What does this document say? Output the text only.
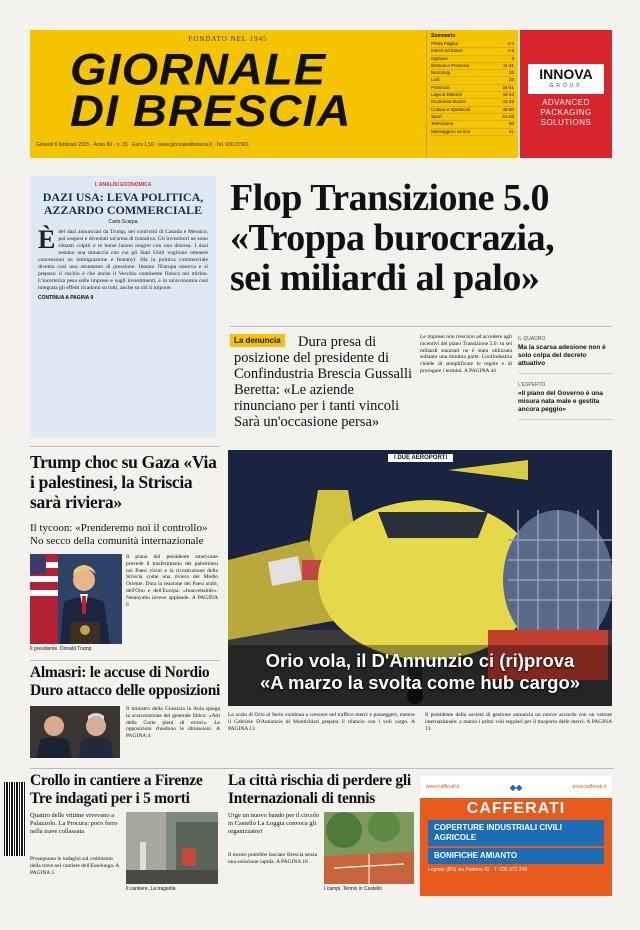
FONDATO NEL 1945
GIORNALE
DI BRESCIA
Giovedì 6 febbraio 2025 · Anno 80 · n. 35 · Euro 1,50 · www.giornaledibrescia.it · Tel. 030.37901
Sommario
Prima Pagina	2-3
Interni ed Esteri	4-9
Opinioni	9
Brescia e Provincia	11-31
Necrologi	32
Lodi	33
Provincia	34-41
Lago & Dintorni	42-43
Economia Stocks	44-45
Cultura e Spettacoli	46-50
Sport	51-58
Televisione	60
Messaggero on line	61
INNOVA
GROUP
ADVANCED PACKAGING SOLUTIONS
L'ANALISI ECONOMICA
DAZI USA: LEVA POLITICA, AZZARDO COMMERCIALE
Carlo Scarpa
È dei dazi annunciati da Trump, nei confronti di Canada e Messico, poi sospesi e diventati un'arma di trattativa. Gli investitori ne sono rimasti colpiti e le borse hanno reagito con una discesa. I dazi restano una minaccia con cui gli Stati Uniti vogliono ottenere concessioni su immigrazione e fentanyl. Ma la politica commerciale diventa così uno strumento di pressione. Intanto l'Europa osserva e si prepara: il rischio è che anche il Vecchio continente finisca nel mirino. L'incertezza pesa sulle imprese e sugli investimenti, e in un'economia così integrata gli effetti ricadono su tutti, anche su chi li impone.
CONTINUA A PAGINA 9
Flop Transizione 5.0
«Troppa burocrazia,
sei miliardi al palo»
Dura presa di posizione del presidente di Confindustria Brescia Gussalli Beretta: «Le aziende rinunciano per i tanti vincoli Sarà un'occasione persa»
La denuncia	Le imprese non riescono ad accedere agli incentivi del piano Transizione 5.0: su sei miliardi stanziati ne è stata utilizzata soltanto una minima parte. Confindustria chiede di semplificare le regole e di prorogare i termini. A PAGINA 44
IL QUADRO
Ma la scarsa adesione non è solo colpa del decreto attuativo
L'ESPERTO
«Il piano del Governo è una misura nata male e gestita ancora peggio»
Trump choc su Gaza «Via i palestinesi, la Striscia sarà riviera»
Il tycoon: «Prenderemo noi il controllo» No secco della comunità internazionale
Il presidente. Donald Trump
Il piano del presidente americano prevede il trasferimento dei palestinesi nei Paesi vicini e la ricostruzione della Striscia come una riviera del Medio Oriente. Dura la reazione dei Paesi arabi, dell'Onu e dell'Europa: «Inaccettabile». Netanyahu invece applaude. A PAGINA 6
I DUE AEROPORTI
Orio vola, il D'Annunzio ci (ri)prova
«A marzo la svolta come hub cargo»
Lo scalo di Orio al Serio continua a crescere nel traffico merci e passeggeri, mentre il Gabriele D'Annunzio di Montichiari prepara il rilancio con i voli cargo. A PAGINA 13
Il presidente della società di gestione annuncia un nuovo accordo con un vettore internazionale: a marzo i primi voli regolari per il trasporto delle merci. A PAGINA 13
Almasri: le accuse di Nordio Duro attacco delle opposizioni
Il ministro della Giustizia in Aula spiega la scarcerazione del generale libico: «Atti della Corte pieni di errori». Le opposizioni chiedono le dimissioni. A PAGINA 4
Crollo in cantiere a Firenze Tre indagati per i 5 morti
Quattro delle vittime vivevano a Palazzolo. La Procura: poco ferro nella trave collassata
Proseguono le indagini sul cedimento della trave nel cantiere dell'Esselunga. A PAGINA 5
Il cantiere. La tragedia
La città rischia di perdere gli Internazionali di tennis
Urge un nuovo bando per il circolo in Castello La Loggia convoca gli organizzatori
Il torneo potrebbe lasciare Brescia senza una soluzione rapida. A PAGINA 18
I campi. Tennis in Castello
www.cafferati.it	◆◆	www.cafferati.it
CAFFERATI
COPERTURE INDUSTRIALI CIVILI AGRICOLE
BONIFICHE AMIANTO
Lograto (BS) via Padana 42 · T. 030 973 245
